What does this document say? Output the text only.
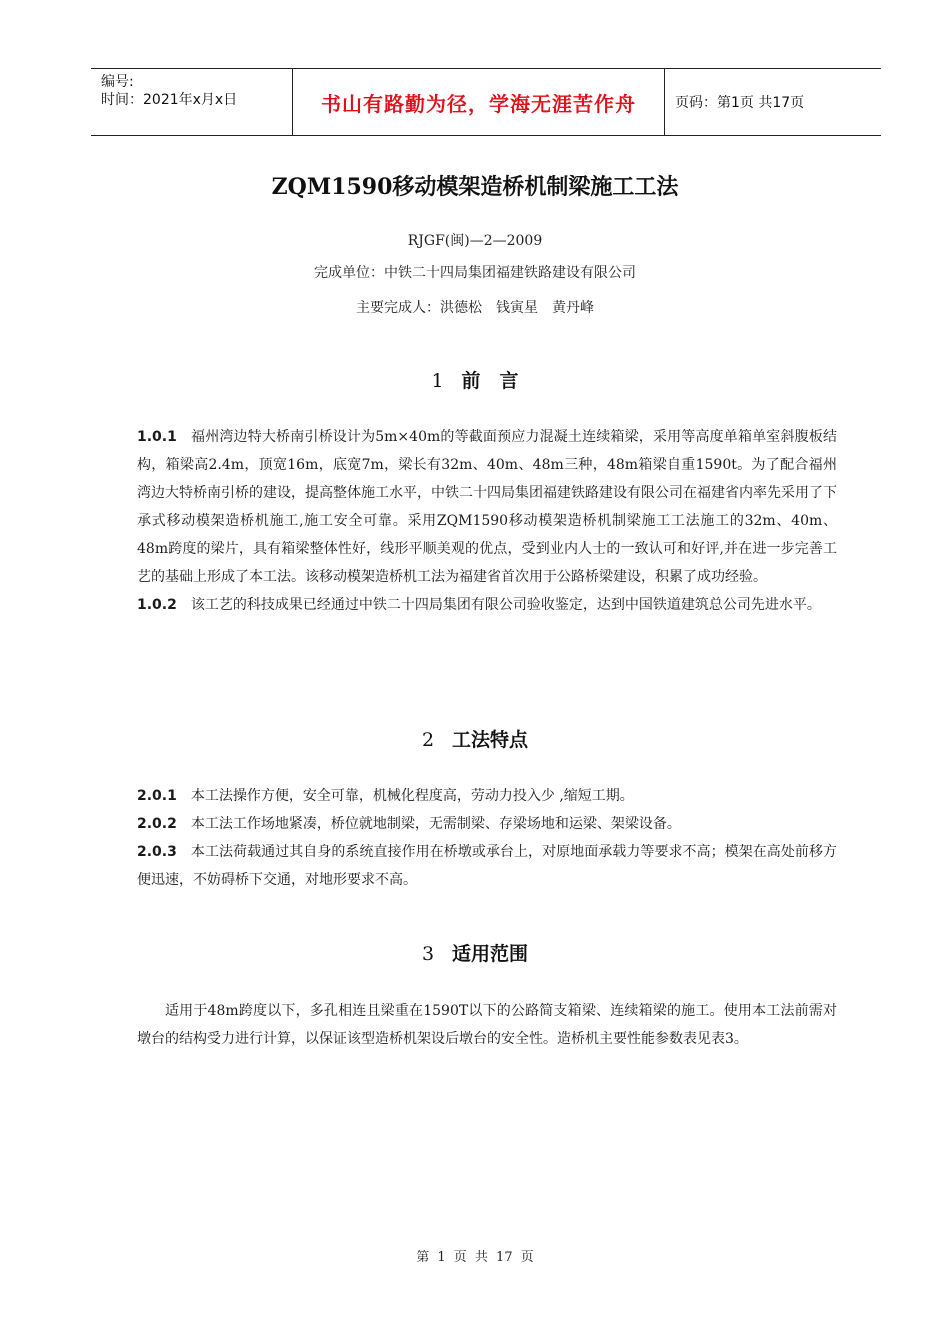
编号:
时间：2021年x月x日	书山有路勤为径，学海无涯苦作舟	页码：第1页 共17页
ZQM1590移动模架造桥机制梁施工工法
RJGF(闽)—2—2009
完成单位：中铁二十四局集团福建铁路建设有限公司
主要完成人：洪德松　钱寅星　黄丹峰
1 前　言

1.0.1 福州湾边特大桥南引桥设计为5m×40m的等截面预应力混凝土连续箱梁，采用等高度单箱单室斜腹板结构，箱梁高2.4m，顶宽16m，底宽7m，梁长有32m、40m、48m三种，48m箱梁自重1590t。为了配合福州湾边大特桥南引桥的建设，提高整体施工水平，中铁二十四局集团福建铁路建设有限公司在福建省内率先采用了下承式移动模架造桥机施工,施工安全可靠。采用ZQM1590移动模架造桥机制梁施工工法施工的32m、40m、48m跨度的梁片，具有箱梁整体性好，线形平顺美观的优点，受到业内人士的一致认可和好评,并在进一步完善工艺的基础上形成了本工法。该移动模架造桥机工法为福建省首次用于公路桥梁建设，积累了成功经验。

1.0.2 该工艺的科技成果已经通过中铁二十四局集团有限公司验收鉴定，达到中国铁道建筑总公司先进水平。

2 工法特点

2.0.1 本工法操作方便，安全可靠，机械化程度高，劳动力投入少 ,缩短工期。

2.0.2 本工法工作场地紧凑，桥位就地制梁，无需制梁、存梁场地和运梁、架梁设备。

2.0.3 本工法荷载通过其自身的系统直接作用在桥墩或承台上，对原地面承载力等要求不高；模架在高处前移方便迅速，不妨碍桥下交通，对地形要求不高。

3 适用范围

适用于48m跨度以下，多孔相连且梁重在1590T以下的公路简支箱梁、连续箱梁的施工。使用本工法前需对墩台的结构受力进行计算，以保证该型造桥机架设后墩台的安全性。造桥机主要性能参数表见表3。

第 1 页 共 17 页
